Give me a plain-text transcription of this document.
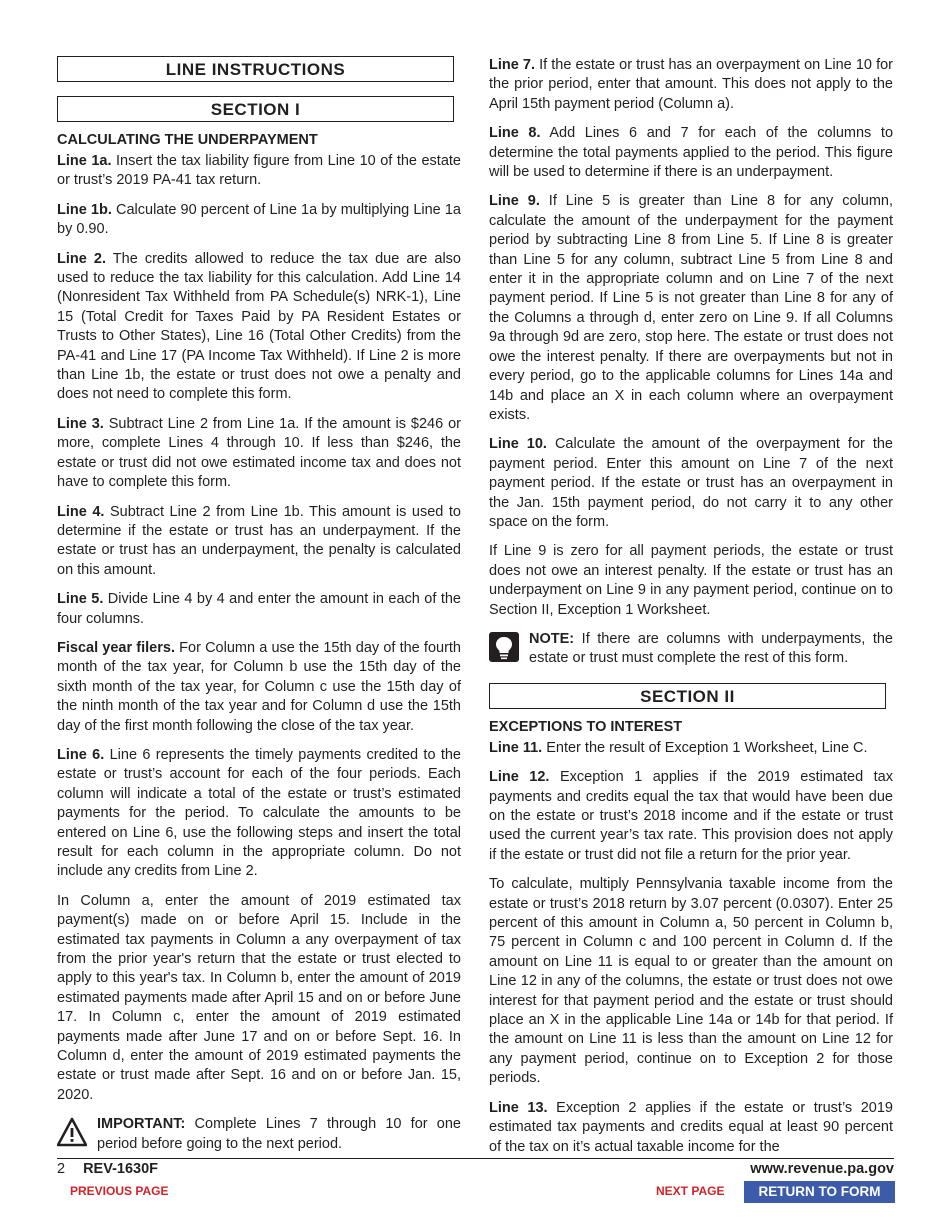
LINE INSTRUCTIONS
SECTION I
CALCULATING THE UNDERPAYMENT

Line 1a. Insert the tax liability figure from Line 10 of the estate or trust’s 2019 PA-41 tax return.

Line 1b. Calculate 90 percent of Line 1a by multiplying Line 1a by 0.90.

Line 2. The credits allowed to reduce the tax due are also used to reduce the tax liability for this calculation. Add Line 14 (Nonresident Tax Withheld from PA Schedule(s) NRK-1), Line 15 (Total Credit for Taxes Paid by PA Resident Estates or Trusts to Other States), Line 16 (Total Other Credits) from the PA-41 and Line 17 (PA Income Tax Withheld). If Line 2 is more than Line 1b, the estate or trust does not owe a penalty and does not need to complete this form.

Line 3. Subtract Line 2 from Line 1a. If the amount is $246 or more, complete Lines 4 through 10. If less than $246, the estate or trust did not owe estimated income tax and does not have to complete this form.

Line 4. Subtract Line 2 from Line 1b. This amount is used to determine if the estate or trust has an underpayment. If the estate or trust has an underpayment, the penalty is calculated on this amount.

Line 5. Divide Line 4 by 4 and enter the amount in each of the four columns.

Fiscal year filers. For Column a use the 15th day of the fourth month of the tax year, for Column b use the 15th day of the sixth month of the tax year, for Column c use the 15th day of the ninth month of the tax year and for Column d use the 15th day of the first month following the close of the tax year.

Line 6. Line 6 represents the timely payments credited to the estate or trust’s account for each of the four periods. Each column will indicate a total of the estate or trust’s estimated payments for the period. To calculate the amounts to be entered on Line 6, use the following steps and insert the total result for each column in the appropriate column. Do not include any credits from Line 2.

In Column a, enter the amount of 2019 estimated tax payment(s) made on or before April 15. Include in the estimated tax payments in Column a any overpayment of tax from the prior year's return that the estate or trust elected to apply to this year's tax. In Column b, enter the amount of 2019 estimated payments made after April 15 and on or before June 17. In Column c, enter the amount of 2019 estimated payments made after June 17 and on or before Sept. 16. In Column d, enter the amount of 2019 estimated payments the estate or trust made after Sept. 16 and on or before Jan. 15, 2020.

IMPORTANT: Complete Lines 7 through 10 for one period before going to the next period.

Line 7. If the estate or trust has an overpayment on Line 10 for the prior period, enter that amount. This does not apply to the April 15th payment period (Column a).

Line 8. Add Lines 6 and 7 for each of the columns to determine the total payments applied to the period. This figure will be used to determine if there is an underpayment.

Line 9. If Line 5 is greater than Line 8 for any column, calculate the amount of the underpayment for the payment period by subtracting Line 8 from Line 5. If Line 8 is greater than Line 5 for any column, subtract Line 5 from Line 8 and enter it in the appropriate column and on Line 7 of the next payment period. If Line 5 is not greater than Line 8 for any of the Columns a through d, enter zero on Line 9. If all Columns 9a through 9d are zero, stop here. The estate or trust does not owe the interest penalty. If there are overpayments but not in every period, go to the applicable columns for Lines 14a and 14b and place an X in each column where an overpayment exists.

Line 10. Calculate the amount of the overpayment for the payment period. Enter this amount on Line 7 of the next payment period. If the estate or trust has an overpayment in the Jan. 15th payment period, do not carry it to any other space on the form.

If Line 9 is zero for all payment periods, the estate or trust does not owe an interest penalty. If the estate or trust has an underpayment on Line 9 in any payment period, continue on to Section II, Exception 1 Worksheet.

NOTE: If there are columns with underpayments, the estate or trust must complete the rest of this form.

SECTION II
EXCEPTIONS TO INTEREST

Line 11. Enter the result of Exception 1 Worksheet, Line C.

Line 12. Exception 1 applies if the 2019 estimated tax payments and credits equal the tax that would have been due on the estate or trust’s 2018 income and if the estate or trust used the current year’s tax rate. This provision does not apply if the estate or trust did not file a return for the prior year.

To calculate, multiply Pennsylvania taxable income from the estate or trust’s 2018 return by 3.07 percent (0.0307). Enter 25 percent of this amount in Column a, 50 percent in Column b, 75 percent in Column c and 100 percent in Column d. If the amount on Line 11 is equal to or greater than the amount on Line 12 in any of the columns, the estate or trust does not owe interest for that payment period and the estate or trust should place an X in the applicable Line 14a or 14b for that period. If the amount on Line 11 is less than the amount on Line 12 for any payment period, continue on to Exception 2 for those periods.

Line 13. Exception 2 applies if the estate or trust’s 2019 estimated tax payments and credits equal at least 90 percent of the tax on it’s actual taxable income for the

2 REV-1630F	www.revenue.pa.gov
PREVIOUS PAGE	NEXT PAGE	RETURN TO FORM
